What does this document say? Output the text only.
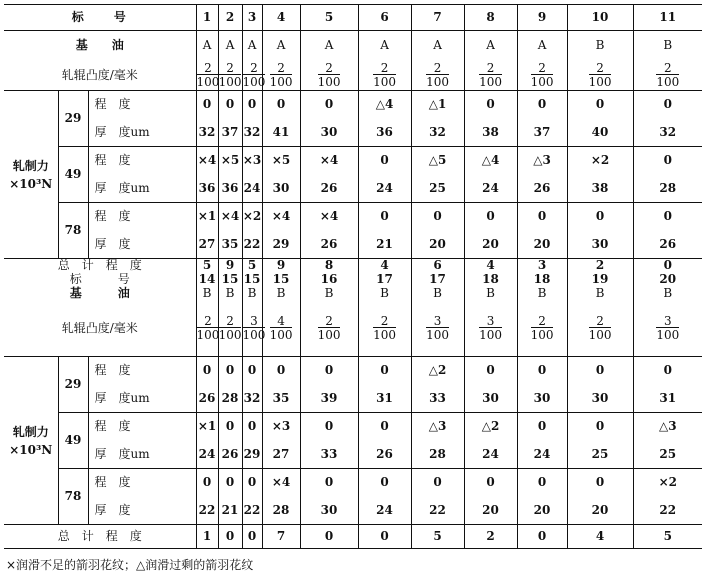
标　　号			1	2	3	4	5	6	7	8	9	10	11
基　　油			A	A	A	A	A	A	A	A	A	B	B
轧辊凸度/毫米			$\frac{2}{100}$	$\frac{2}{100}$	$\frac{2}{100}$	$\frac{2}{100}$	$\frac{2}{100}$	$\frac{2}{100}$	$\frac{2}{100}$	$\frac{2}{100}$	$\frac{2}{100}$	$\frac{2}{100}$	$\frac{2}{100}$

轧制力
×10³N	29	程　度	0	0	0	0	0	△4	△1	0	0	0	0
		厚　度um	32	37	32	41	30	36	32	38	37	40	32
	49	程　度	×4	×5	×3	×5	×4	0	△5	△4	△3	×2	0
		厚　度um	36	36	24	30	26	24	25	24	26	38	28
	78	程　度	×1	×4	×2	×4	×4	0	0	0	0	0	0
		厚　度	27	35	22	29	26	21	20	20	20	30	26
总　计　程　度			5	9	5	9	8	4	6	4	3	2	0
标　　　号			14	15	15	15	16	17	17	18	18	19	20
基　　　油			B	B	B	B	B	B	B	B	B	B	B
轧辊凸度/毫米			$\frac{2}{100}$	$\frac{2}{100}$	$\frac{3}{100}$	$\frac{4}{100}$	$\frac{2}{100}$	$\frac{2}{100}$	$\frac{3}{100}$	$\frac{3}{100}$	$\frac{2}{100}$	$\frac{2}{100}$	$\frac{3}{100}$

轧制力
×10³N	29	程　度	0	0	0	0	0	0	△2	0	0	0	0
		厚　度um	26	28	32	35	39	31	33	30	30	30	31
	49	程　度	×1	0	0	×3	0	0	△3	△2	0	0	△3
		厚　度um	24	26	29	27	33	26	28	24	24	25	25
	78	程　度	0	0	0	×4	0	0	0	0	0	0	×2
		厚　度	22	21	22	28	30	24	22	20	20	20	22
总　计　程　度			1	0	0	7	0	0	5	2	0	4	5
×润滑不足的箭羽花纹；△润滑过剩的箭羽花纹
